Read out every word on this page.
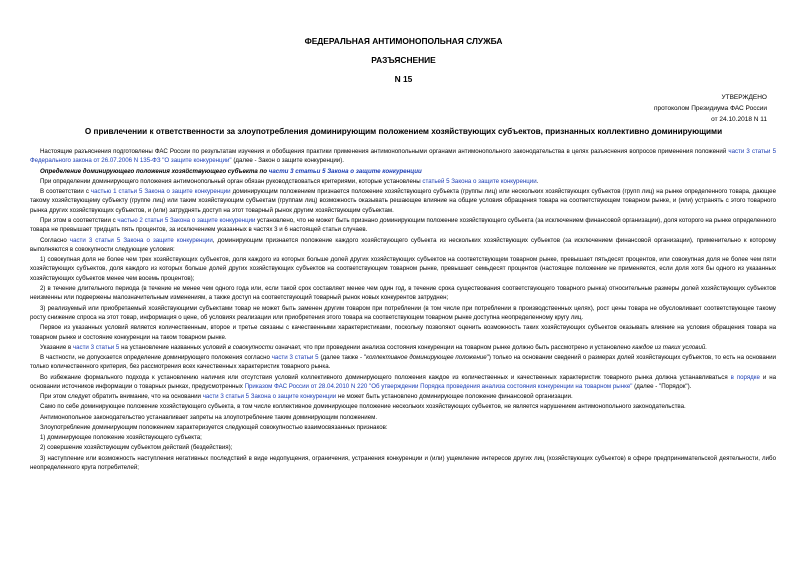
ФЕДЕРАЛЬНАЯ АНТИМОНОПОЛЬНАЯ СЛУЖБА
РАЗЪЯСНЕНИЕ
N 15
УТВЕРЖДЕНО
протоколом Президиума ФАС России
от 24.10.2018 N 11
О привлечении к ответственности за злоупотребления доминирующим положением хозяйствующих субъектов, признанных коллективно доминирующими

Настоящие разъяснения подготовлены ФАС России по результатам изучения и обобщения практики применения антимонопольными органами антимонопольного законодательства в целях разъяснения вопросов применения положений части 3 статьи 5 Федерального закона от 26.07.2006 N 135-ФЗ "О защите конкуренции" (далее - Закон о защите конкуренции).

Определение доминирующего положения хозяйствующего субъекта по части 3 статьи 5 Закона о защите конкуренции

При определении доминирующего положения антимонопольный орган обязан руководствоваться критериями, которые установлены статьей 5 Закона о защите конкуренции.

В соответствии с частью 1 статьи 5 Закона о защите конкуренции доминирующим положением признается положение хозяйствующего субъекта (группы лиц) или нескольких хозяйствующих субъектов (групп лиц) на рынке определенного товара, дающее такому хозяйствующему субъекту (группе лиц) или таким хозяйствующим субъектам (группам лиц) возможность оказывать решающее влияние на общие условия обращения товара на соответствующем товарном рынке, и (или) устранять с этого товарного рынка других хозяйствующих субъектов, и (или) затруднять доступ на этот товарный рынок другим хозяйствующим субъектам.

При этом в соответствии с частью 2 статьи 5 Закона о защите конкуренции установлено, что не может быть признано доминирующим положение хозяйствующего субъекта (за исключением финансовой организации), доля которого на рынке определенного товара не превышает тридцать пять процентов, за исключением указанных в частях 3 и 6 настоящей статьи случаев.

Согласно части 3 статьи 5 Закона о защите конкуренции, доминирующим признается положение каждого хозяйствующего субъекта из нескольких хозяйствующих субъектов (за исключением финансовой организации), применительно к которому выполняются в совокупности следующие условия:

1) совокупная доля не более чем трех хозяйствующих субъектов, доля каждого из которых больше долей других хозяйствующих субъектов на соответствующем товарном рынке, превышает пятьдесят процентов, или совокупная доля не более чем пяти хозяйствующих субъектов, доля каждого из которых больше долей других хозяйствующих субъектов на соответствующем товарном рынке, превышает семьдесят процентов (настоящее положение не применяется, если доля хотя бы одного из указанных хозяйствующих субъектов менее чем восемь процентов);

2) в течение длительного периода (в течение не менее чем одного года или, если такой срок составляет менее чем один год, в течение срока существования соответствующего товарного рынка) относительные размеры долей хозяйствующих субъектов неизменны или подвержены малозначительным изменениям, а также доступ на соответствующий товарный рынок новых конкурентов затруднен;

3) реализуемый или приобретаемый хозяйствующими субъектами товар не может быть заменен другим товаром при потреблении (в том числе при потреблении в производственных целях), рост цены товара не обусловливает соответствующее такому росту снижение спроса на этот товар, информация о цене, об условиях реализации или приобретения этого товара на соответствующем товарном рынке доступна неопределенному кругу лиц.

Первое из указанных условий является количественным, второе и третье связаны с качественными характеристиками, поскольку позволяют оценить возможность таких хозяйствующих субъектов оказывать влияние на условия обращения товара на товарном рынке и состояние конкуренции на таком товарном рынке.

Указание в части 3 статьи 5 на установление названных условий в совокупности означает, что при проведении анализа состояния конкуренции на товарном рынке должно быть рассмотрено и установлено каждое из таких условий.

В частности, не допускается определение доминирующего положения согласно части 3 статьи 5 (далее также - "коллективное доминирующее положение") только на основании сведений о размерах долей хозяйствующих субъектов, то есть на основании только количественного критерия, без рассмотрения всех качественных характеристик товарного рынка.

Во избежание формального подхода к установлению наличия или отсутствия условий коллективного доминирующего положения каждое из количественных и качественных характеристик товарного рынка должна устанавливаться в порядке и на основании источников информации о товарных рынках, предусмотренных Приказом ФАС России от 28.04.2010 N 220 "Об утверждении Порядка проведения анализа состояния конкуренции на товарном рынке" (далее - "Порядок").

При этом следует обратить внимание, что на основании части 3 статьи 5 Закона о защите конкуренции не может быть установлено доминирующее положение финансовой организации.

Само по себе доминирующее положение хозяйствующего субъекта, в том числе коллективное доминирующее положение нескольких хозяйствующих субъектов, не является нарушением антимонопольного законодательства.

Антимонопольное законодательство устанавливает запреты на злоупотребление таким доминирующим положением.

Злоупотребление доминирующим положением характеризуется следующей совокупностью взаимосвязанных признаков:

1) доминирующее положение хозяйствующего субъекта;

2) совершение хозяйствующим субъектом действий (бездействия);

3) наступление или возможность наступления негативных последствий в виде недопущения, ограничения, устранения конкуренции и (или) ущемление интересов других лиц (хозяйствующих субъектов) в сфере предпринимательской деятельности, либо неопределенного круга потребителей;
